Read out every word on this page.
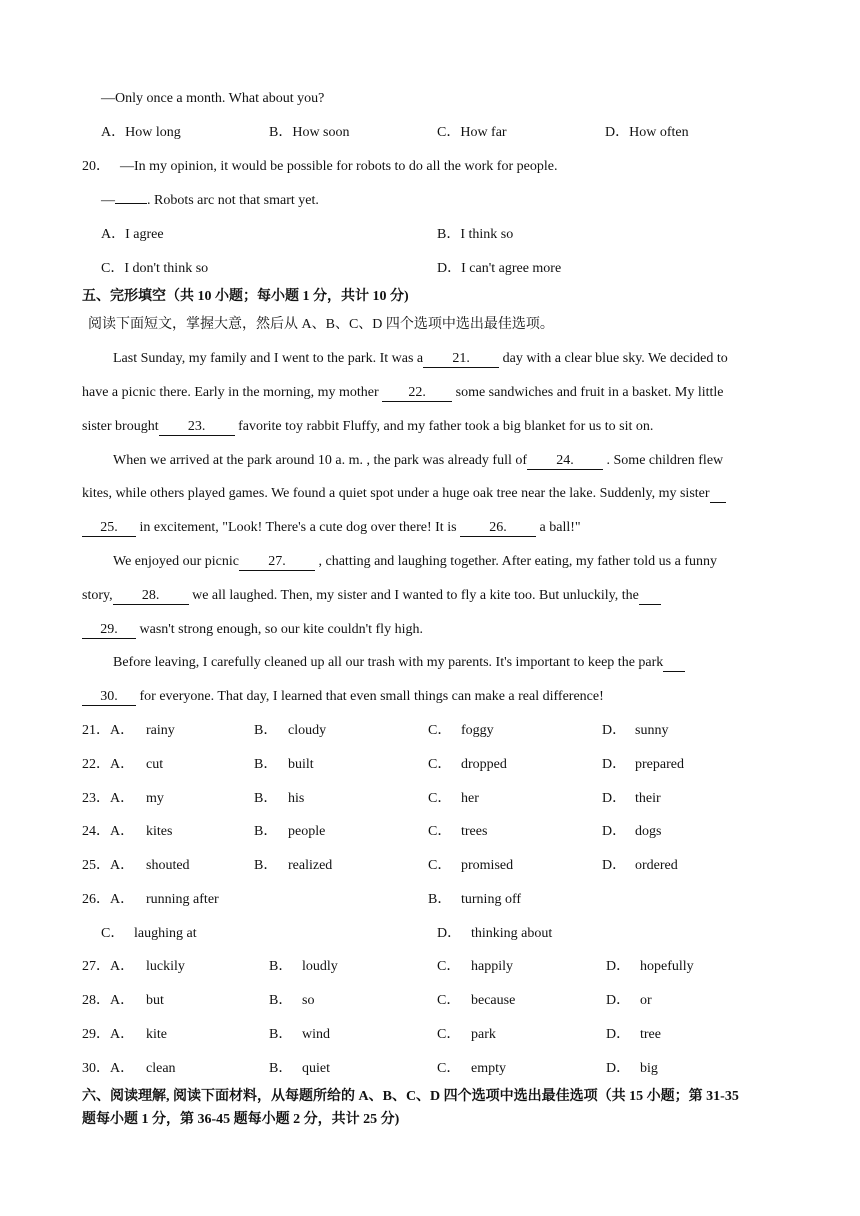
—Only once a month. What about you?
A．How long	B．How soon	C．How far	D．How often
20． —In my opinion, it would be possible for robots to do all the work for people.
— . Robots arc not that smart yet.
A．I agree	B．I think so
C．I don't think so	D．I can't agree more
五、完形填空（共 10 小题；每小题 1 分，共计 10 分)
阅读下面短文，掌握大意，然后从 A、B、C、D 四个选项中选出最佳选项。
Last Sunday, my family and I went to the park. It was a 21. day with a clear blue sky. We decided to
have a picnic there. Early in the morning, my mother 22. some sandwiches and fruit in a basket. My little
sister brought 23. favorite toy rabbit Fluffy, and my father took a big blanket for us to sit on.
When we arrived at the park around 10 a. m. , the park was already full of 24. . Some children flew
kites, while others played games. We found a quiet spot under a huge oak tree near the lake. Suddenly, my sister
25. in excitement, "Look! There's a cute dog over there! It is 26. a ball!"
We enjoyed our picnic 27. , chatting and laughing together. After eating, my father told us a funny
story, 28. we all laughed. Then, my sister and I wanted to fly a kite too. But unluckily, the
29. wasn't strong enough, so our kite couldn't fly high.
Before leaving, I carefully cleaned up all our trash with my parents. It's important to keep the park
30. for everyone. That day, I learned that even small things can make a real difference!
21．A． rainy	B． cloudy	C． foggy	D． sunny
22．A． cut	B． built	C． dropped	D． prepared
23．A． my	B． his	C． her	D． their
24．A． kites	B． people	C． trees	D． dogs
25．A． shouted	B． realized	C． promised	D． ordered
26．A． running after	B． turning off
C． laughing at	D． thinking about
27．A． luckily	B． loudly	C． happily	D． hopefully
28．A． but	B． so	C． because	D． or
29．A． kite	B． wind	C． park	D． tree
30．A． clean	B． quiet	C． empty	D． big
六、阅读理解, 阅读下面材料，从每题所给的 A、B、C、D 四个选项中选出最佳选项（共 15 小题；第 31-35
题每小题 1 分，第 36-45 题每小题 2 分，共计 25 分)
